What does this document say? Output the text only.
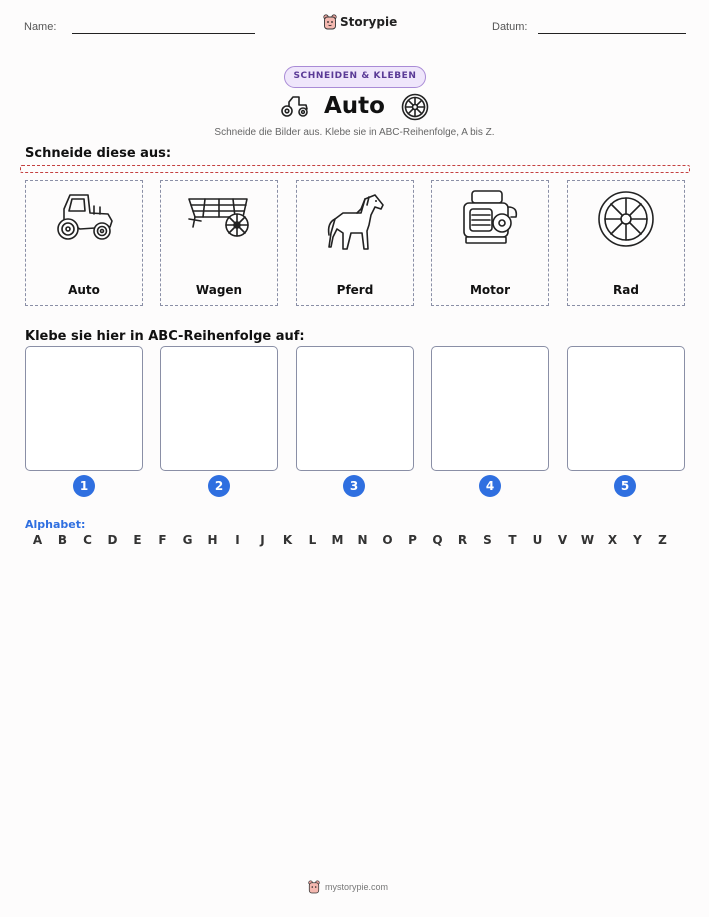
Name:	Storypie	Datum:
SCHNEIDEN & KLEBEN
Auto
Schneide die Bilder aus. Klebe sie in ABC-Reihenfolge, A bis Z.
Schneide diese aus:
Auto	Wagen	Pferd	Motor	Rad
Klebe sie hier in ABC-Reihenfolge auf:
1	2	3	4	5
Alphabet:
A	B	C	D	E	F	G	H	I	J	K	L	M	N	O	P	Q	R	S	T	U	V	W	X	Y	Z
mystorypie.com
